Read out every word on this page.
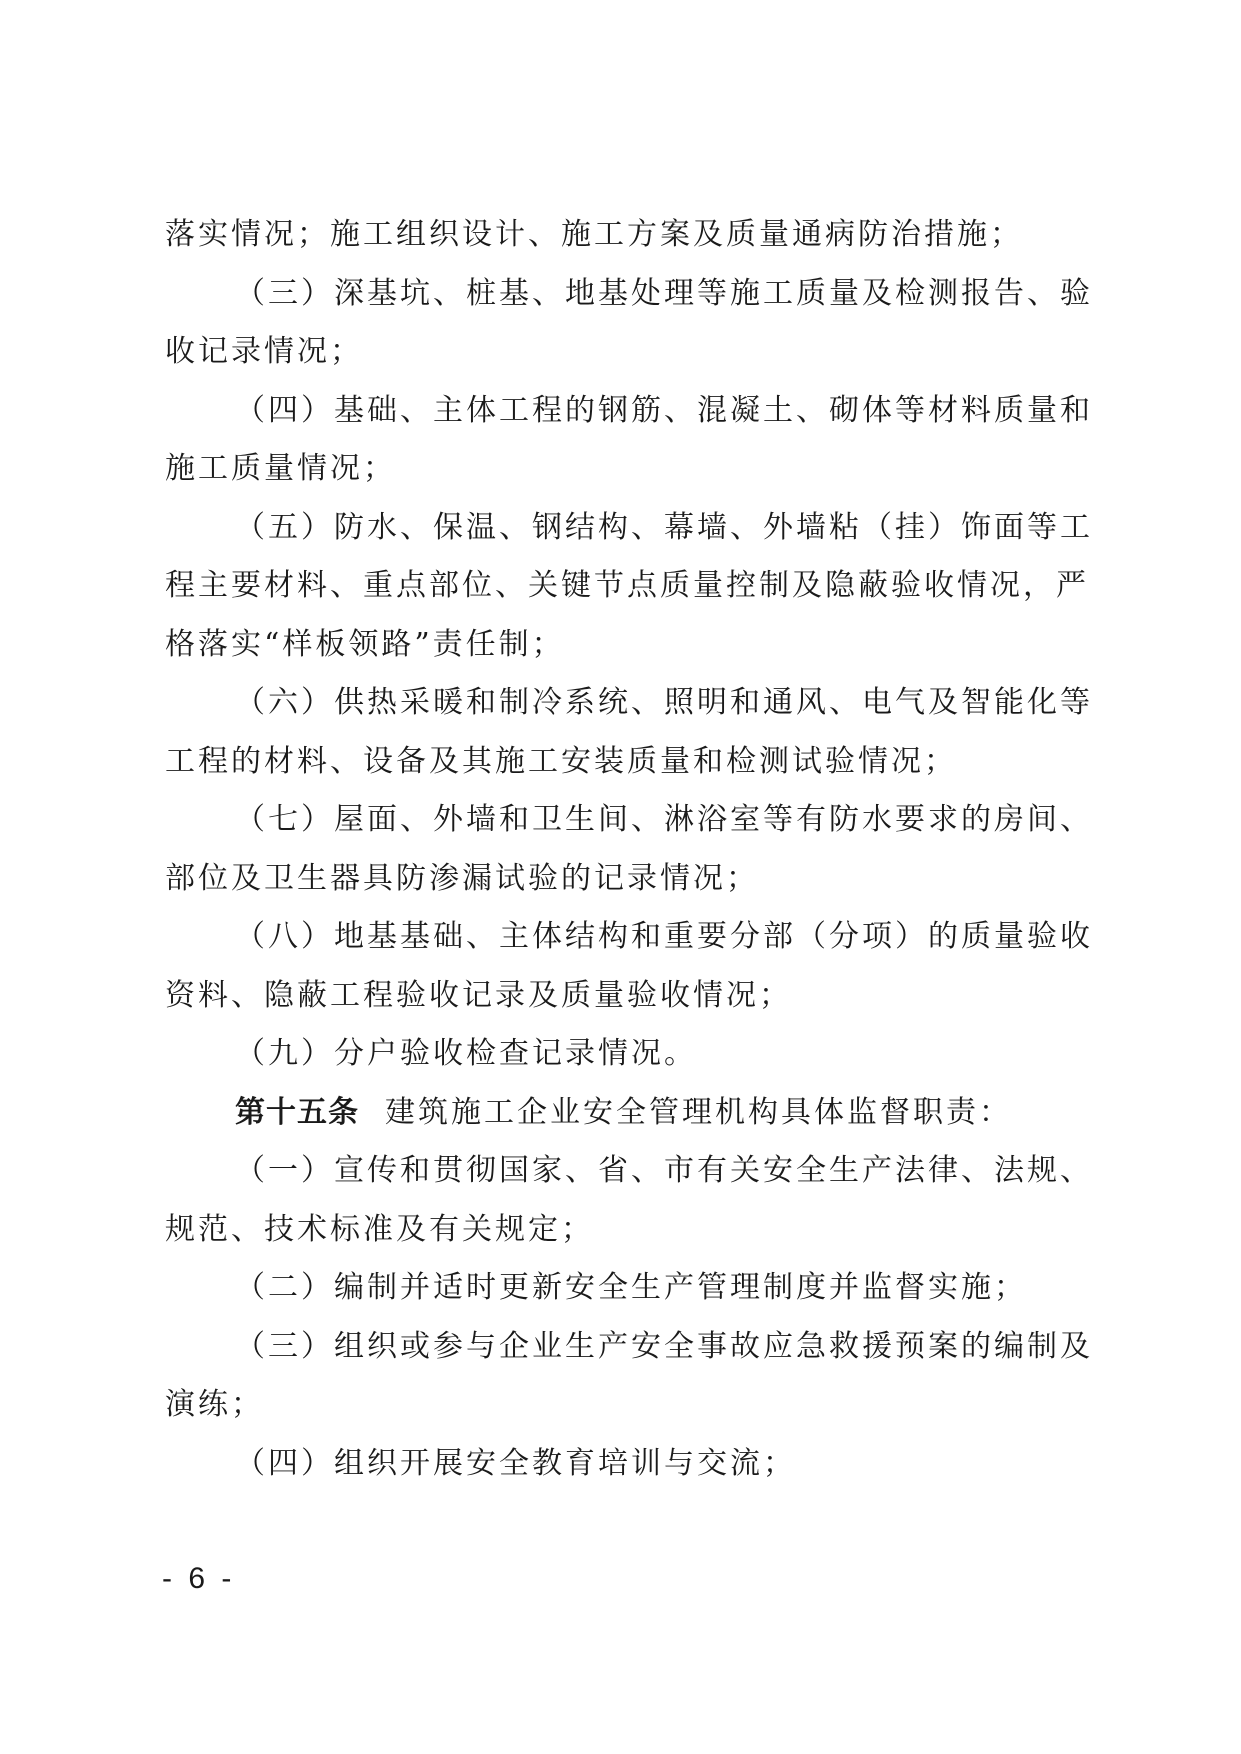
落实情况；施工组织设计、施工方案及质量通病防治措施；
（三）深基坑、桩基、地基处理等施工质量及检测报告、验
收记录情况；
（四）基础、主体工程的钢筋、混凝土、砌体等材料质量和
施工质量情况；
（五）防水、保温、钢结构、幕墙、外墙粘（挂）饰面等工
程主要材料、重点部位、关键节点质量控制及隐蔽验收情况，严
格落实“样板领路”责任制；
（六）供热采暖和制冷系统、照明和通风、电气及智能化等
工程的材料、设备及其施工安装质量和检测试验情况；
（七）屋面、外墙和卫生间、淋浴室等有防水要求的房间、
部位及卫生器具防渗漏试验的记录情况；
（八）地基基础、主体结构和重要分部（分项）的质量验收
资料、隐蔽工程验收记录及质量验收情况；
（九）分户验收检查记录情况。
第十五条 建筑施工企业安全管理机构具体监督职责：
（一）宣传和贯彻国家、省、市有关安全生产法律、法规、
规范、技术标准及有关规定；
（二）编制并适时更新安全生产管理制度并监督实施；
（三）组织或参与企业生产安全事故应急救援预案的编制及
演练；
（四）组织开展安全教育培训与交流；
- 6 -
